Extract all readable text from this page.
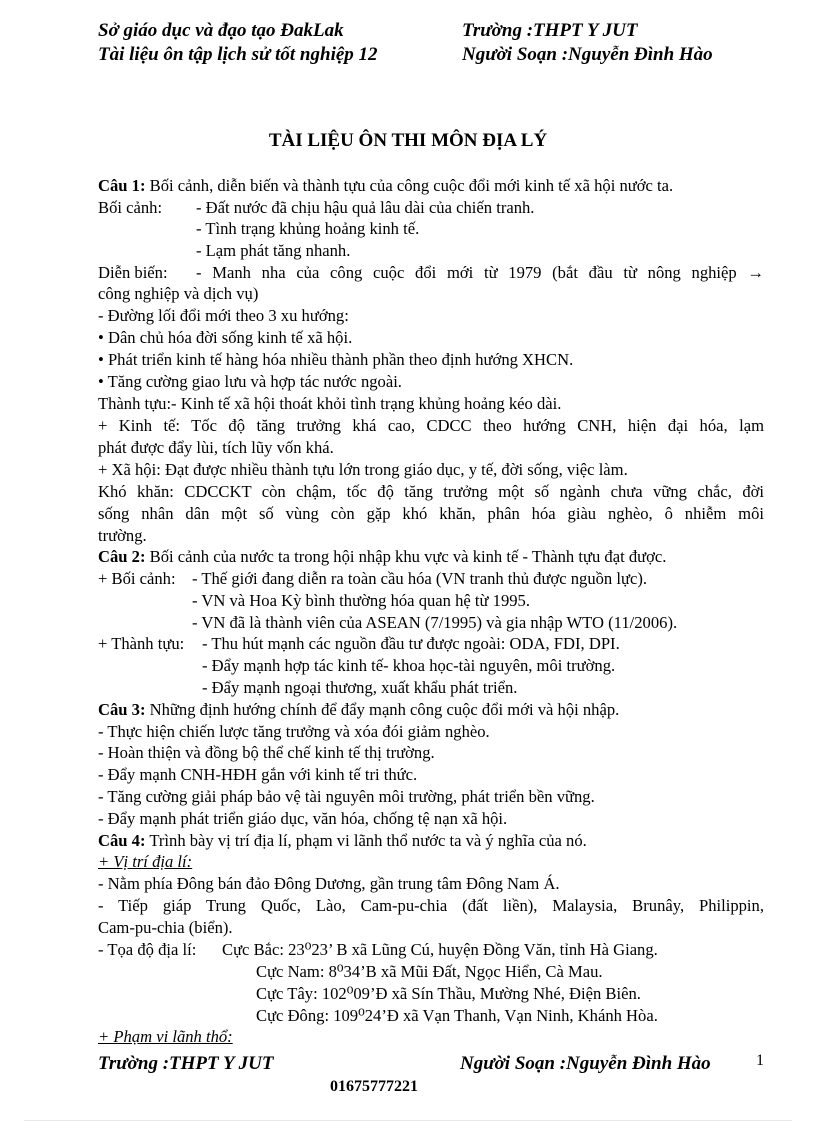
Sở giáo dục và đạo tạo ĐakLak	Trường :THPT Y JUT
Tài liệu ôn tập lịch sử tốt nghiệp 12	Người Soạn :Nguyễn Đình Hào
TÀI LIỆU ÔN THI MÔN ĐỊA LÝ
Câu 1: Bối cảnh, diễn biến và thành tựu của công cuộc đổi mới kinh tế xã hội nước ta.
Bối cảnh: - Đất nước đã chịu hậu quả lâu dài của chiến tranh.
- Tình trạng khủng hoảng kinh tế.
- Lạm phát tăng nhanh.
Diễn biến: - Manh nha của công cuộc đổi mới từ 1979 (bắt đầu từ nông nghiệp →
công nghiệp và dịch vụ)
- Đường lối đổi mới theo 3 xu hướng:
• Dân chủ hóa đời sống kinh tế xã hội.
• Phát triển kinh tế hàng hóa nhiều thành phần theo định hướng XHCN.
• Tăng cường giao lưu và hợp tác nước ngoài.
Thành tựu:- Kinh tế xã hội thoát khỏi tình trạng khủng hoảng kéo dài.
+ Kinh tế: Tốc độ tăng trưởng khá cao, CDCC theo hướng CNH, hiện đại hóa, lạm
phát được đẩy lùi, tích lũy vốn khá.
+ Xã hội: Đạt được nhiều thành tựu lớn trong giáo dục, y tế, đời sống, việc làm.
Khó khăn: CDCCKT còn chậm, tốc độ tăng trưởng một số ngành chưa vững chắc, đời
sống nhân dân một số vùng còn gặp khó khăn, phân hóa giàu nghèo, ô nhiễm môi
trường.
Câu 2: Bối cảnh của nước ta trong hội nhập khu vực và kinh tế - Thành tựu đạt được.
+ Bối cảnh: - Thế giới đang diễn ra toàn cầu hóa (VN tranh thủ được nguồn lực).
- VN và Hoa Kỳ bình thường hóa quan hệ từ 1995.
- VN đã là thành viên của ASEAN (7/1995) và gia nhập WTO (11/2006).
+ Thành tựu: - Thu hút mạnh các nguồn đầu tư được ngoài: ODA, FDI, DPI.
- Đẩy mạnh hợp tác kinh tế- khoa học-tài nguyên, môi trường.
- Đẩy mạnh ngoại thương, xuất khẩu phát triển.
Câu 3: Những định hướng chính để đẩy mạnh công cuộc đổi mới và hội nhập.
- Thực hiện chiến lược tăng trưởng và xóa đói giảm nghèo.
- Hoàn thiện và đồng bộ thể chế kinh tế thị trường.
- Đẩy mạnh CNH-HĐH gắn với kinh tế tri thức.
- Tăng cường giải pháp bảo vệ tài nguyên môi trường, phát triển bền vững.
- Đẩy mạnh phát triển giáo dục, văn hóa, chống tệ nạn xã hội.
Câu 4: Trình bày vị trí địa lí, phạm vi lãnh thổ nước ta và ý nghĩa của nó.
+ Vị trí địa lí:
- Nằm phía Đông bán đảo Đông Dương, gần trung tâm Đông Nam Á.
- Tiếp giáp Trung Quốc, Lào, Cam-pu-chia (đất liền), Malaysia, Brunây, Philippin,
Cam-pu-chia (biển).
- Tọa độ địa lí: Cực Bắc: 23⁰23’ B xã Lũng Cú, huyện Đồng Văn, tỉnh Hà Giang.
Cực Nam: 8⁰34’B xã Mũi Đất, Ngọc Hiển, Cà Mau.
Cực Tây: 102⁰09’Đ xã Sín Thầu, Mường Nhé, Điện Biên.
Cực Đông: 109⁰24’Đ xã Vạn Thanh, Vạn Ninh, Khánh Hòa.
+ Phạm vi lãnh thổ:
Trường :THPT Y JUT	Người Soạn :Nguyễn Đình Hào	1
01675777221
